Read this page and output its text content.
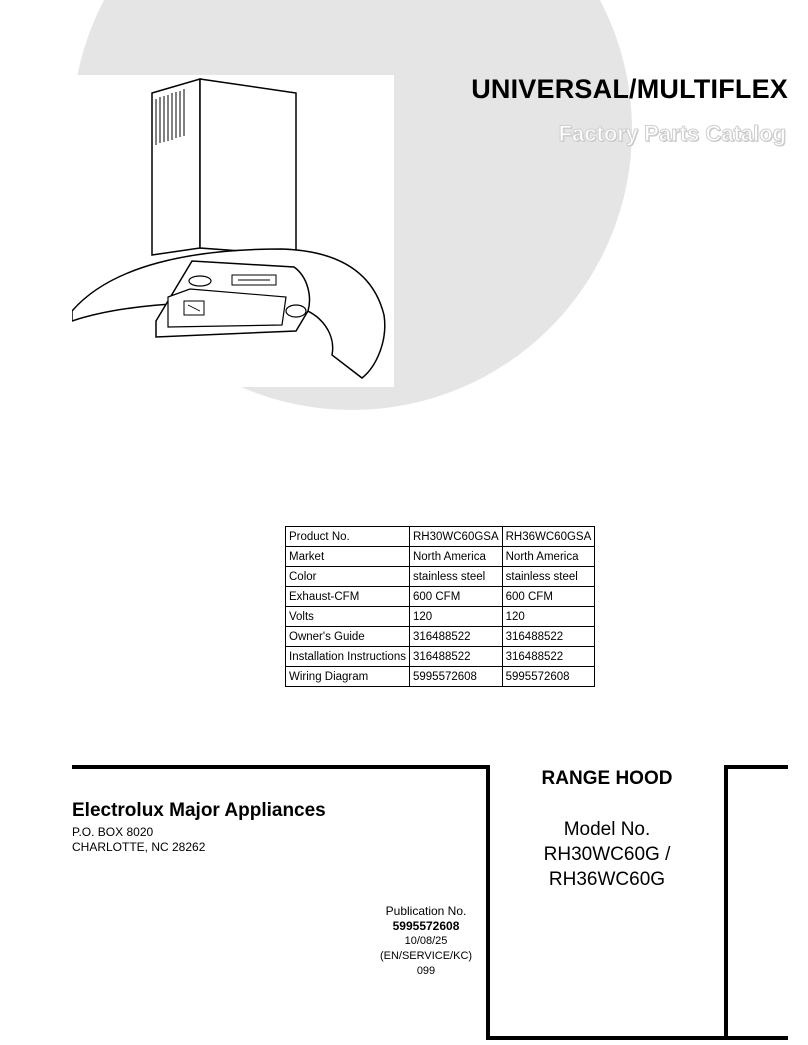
UNIVERSAL/MULTIFLEX
Factory Parts Catalog
Product No.	RH30WC60GSA	RH36WC60GSA
Market	North America	North America
Color	stainless steel	stainless steel
Exhaust-CFM	600 CFM	600 CFM
Volts	120	120
Owner's Guide	316488522	316488522
Installation Instructions	316488522	316488522
Wiring Diagram	5995572608	5995572608
Electrolux Major Appliances
P.O. BOX 8020
CHARLOTTE, NC 28262
Publication No.
5995572608
10/08/25
(EN/SERVICE/KC)
099
RANGE HOOD
Model No.
RH30WC60G /
RH36WC60G
